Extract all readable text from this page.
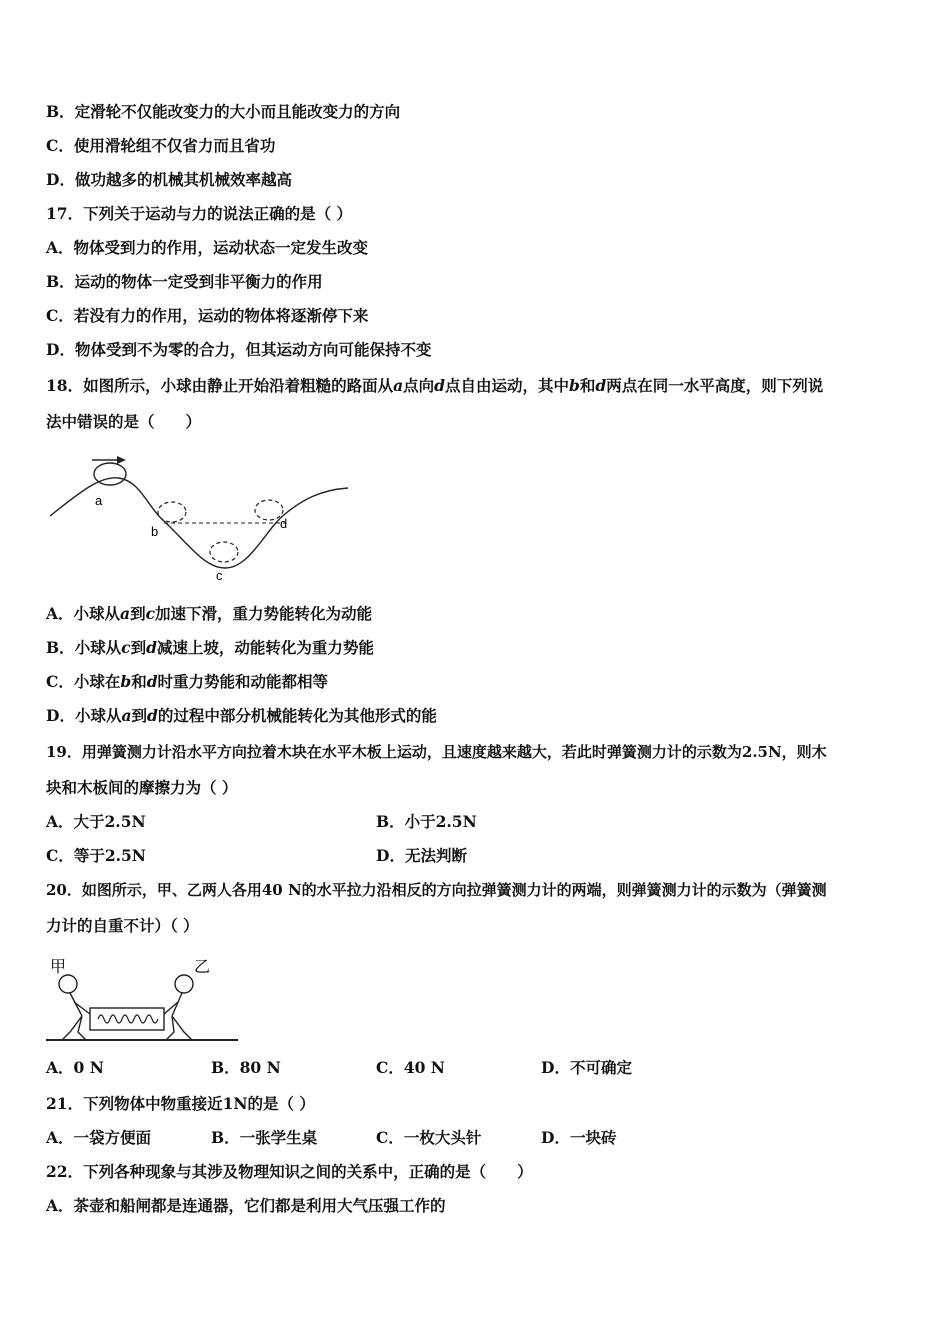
B．定滑轮不仅能改变力的大小而且能改变力的方向
C．使用滑轮组不仅省力而且省功
D．做功越多的机械其机械效率越高
17．下列关于运动与力的说法正确的是（ ）
A．物体受到力的作用，运动状态一定发生改变
B．运动的物体一定受到非平衡力的作用
C．若没有力的作用，运动的物体将逐渐停下来
D．物体受到不为零的合力，但其运动方向可能保持不变
18．如图所示，小球由静止开始沿着粗糙的路面从a点向d点自由运动，其中b和d两点在同一水平高度，则下列说
法中错误的是（　　）
a
b
c
d
A．小球从a到c加速下滑，重力势能转化为动能
B．小球从c到d减速上坡，动能转化为重力势能
C．小球在b和d时重力势能和动能都相等
D．小球从a到d的过程中部分机械能转化为其他形式的能
19．用弹簧测力计沿水平方向拉着木块在水平木板上运动，且速度越来越大，若此时弹簧测力计的示数为2.5N，则木
块和木板间的摩擦力为（ ）
A．大于2.5N	B．小于2.5N
C．等于2.5N	D．无法判断
20．如图所示，甲、乙两人各用40 N的水平拉力沿相反的方向拉弹簧测力计的两端，则弹簧测力计的示数为（弹簧测
力计的自重不计）（ ）
甲	乙
A．0 N	B．80 N	C．40 N	D．不可确定
21．下列物体中物重接近1N的是（ ）
A．一袋方便面	B．一张学生桌	C．一枚大头针	D．一块砖
22．下列各种现象与其涉及物理知识之间的关系中，正确的是（　　）
A．茶壶和船闸都是连通器，它们都是利用大气压强工作的
